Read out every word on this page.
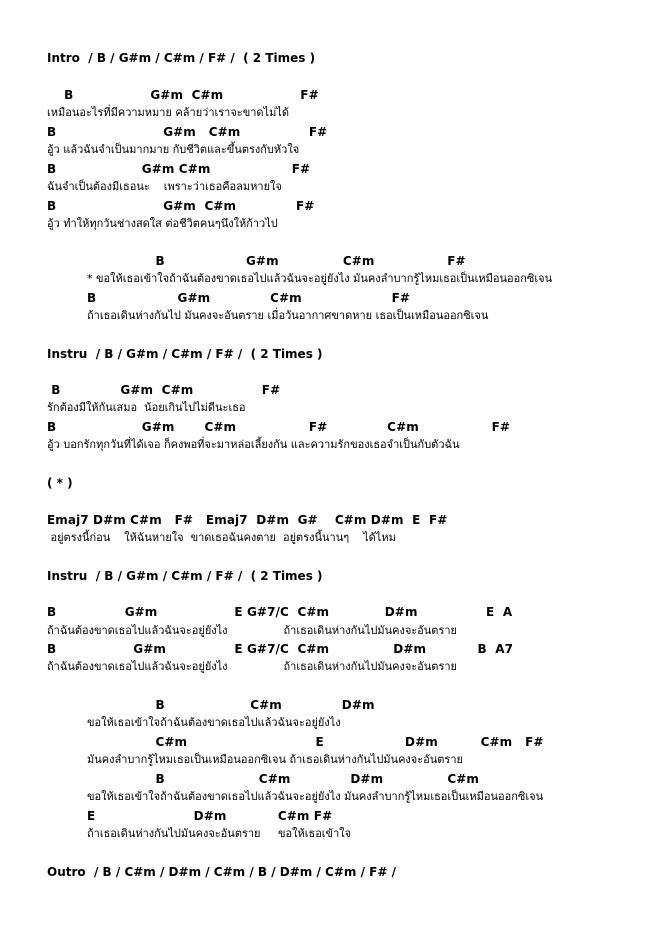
Intro  / B / G#m / C#m / F# /  ( 2 Times )
B                  G#m  C#m                  F#
เหมือนอะไรที่มีความหมาย คล้ายว่าเราจะขาดไม่ได้
B                         G#m   C#m                F#
อู้ว แล้วฉันจำเป็นมากมาย กับชีวิตและขึ้นตรงกับหัวใจ
B                    G#m C#m                   F#
ฉันจำเป็นต้องมีเธอนะ    เพราะว่าเธอคือลมหายใจ
B                         G#m  C#m              F#
อู้ว ทำให้ทุกวันช่างสดใส ต่อชีวิตคนๆนึงให้ก้าวไป
B                   G#m               C#m                 F#
* ขอให้เธอเข้าใจถ้าฉันต้องขาดเธอไปแล้วฉันจะอยู่ยังไง มันคงลำบากรู้ไหมเธอเป็นเหมือนออกซิเจน
B                   G#m              C#m                     F#
ถ้าเธอเดินห่างกันไป มันคงจะอันตราย เมื่อวันอากาศขาดหาย เธอเป็นเหมือนออกซิเจน
Instru  / B / G#m / C#m / F# /  ( 2 Times )
B              G#m  C#m                F#
รักต้องมีให้กันเสมอ  น้อยเกินไปไม่ดีนะเธอ
B                    G#m       C#m                 F#              C#m                 F#
อู้ว บอกรักทุกวันที่ได้เจอ ก็คงพอที่จะมาหล่อเลี้ยงกัน และความรักของเธอจำเป็นกับตัวฉัน
( * )
Emaj7 D#m C#m   F#   Emaj7  D#m  G#    C#m D#m  E  F#
อยู่ตรงนี้ก่อน    ให้ฉันหายใจ  ขาดเธอฉันคงตาย  อยู่ตรงนี้นานๆ    ได้ไหม
Instru  / B / G#m / C#m / F# /  ( 2 Times )
B                G#m                  E G#7/C  C#m             D#m                E  A
ถ้าฉันต้องขาดเธอไปแล้วฉันจะอยู่ยังไง                ถ้าเธอเดินห่างกันไปมันคงจะอันตราย
B                  G#m                E G#7/C  C#m               D#m            B  A7
ถ้าฉันต้องขาดเธอไปแล้วฉันจะอยู่ยังไง                ถ้าเธอเดินห่างกันไปมันคงจะอันตราย
B                    C#m              D#m
ขอให้เธอเข้าใจถ้าฉันต้องขาดเธอไปแล้วฉันจะอยู่ยังไง
C#m                              E                   D#m          C#m   F#
มันคงลำบากรู้ไหมเธอเป็นเหมือนออกซิเจน ถ้าเธอเดินห่างกันไปมันคงจะอันตราย
B                      C#m              D#m               C#m
ขอให้เธอเข้าใจถ้าฉันต้องขาดเธอไปแล้วฉันจะอยู่ยังไง มันคงลำบากรู้ไหมเธอเป็นเหมือนออกซิเจน
E                       D#m            C#m F#
ถ้าเธอเดินห่างกันไปมันคงจะอันตราย     ขอให้เธอเข้าใจ
Outro  / B / C#m / D#m / C#m / B / D#m / C#m / F# /
